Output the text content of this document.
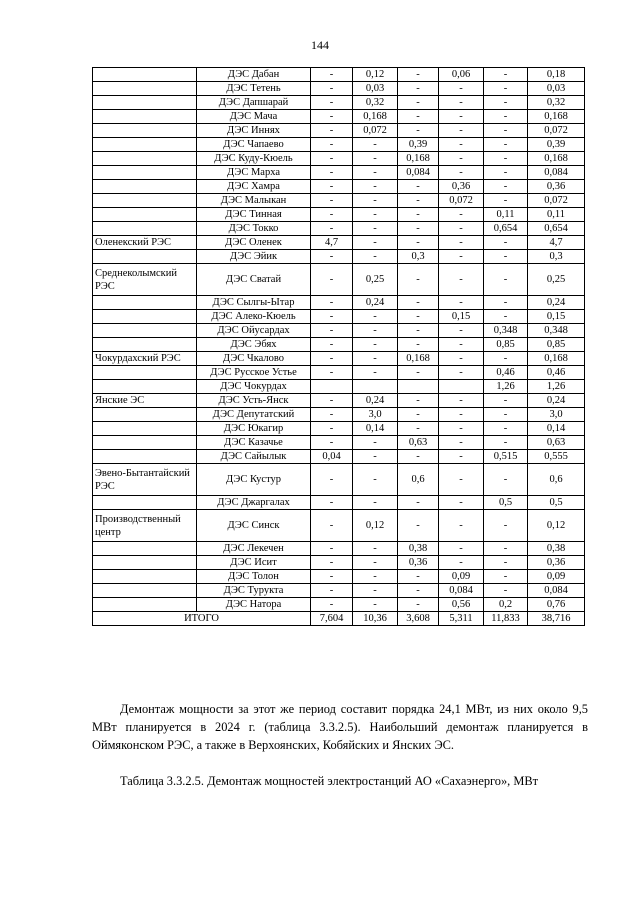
144
	ДЭС Дабан	-	0,12	-	0,06	-	0,18
	ДЭС Тетень	-	0,03	-	-	-	0,03
	ДЭС Дапшарай	-	0,32	-	-	-	0,32
	ДЭС Мача	-	0,168	-	-	-	0,168
	ДЭС Иннях	-	0,072	-	-	-	0,072
	ДЭС Чапаево	-	-	0,39	-	-	0,39
	ДЭС Куду-Кюель	-	-	0,168	-	-	0,168
	ДЭС Марха	-	-	0,084	-	-	0,084
	ДЭС Хамра	-	-	-	0,36	-	0,36
	ДЭС Малыкан	-	-	-	0,072	-	0,072
	ДЭС Тинная	-	-	-	-	0,11	0,11
	ДЭС Токко	-	-	-	-	0,654	0,654
Оленекский РЭС	ДЭС Оленек	4,7	-	-	-	-	4,7
	ДЭС Эйик	-	-	0,3	-	-	0,3
Среднеколымский РЭС	ДЭС Сватай	-	0,25	-	-	-	0,25
	ДЭС Сылгы-Ытар	-	0,24	-	-	-	0,24
	ДЭС Алеко-Кюель	-	-	-	0,15	-	0,15
	ДЭС Ойусардах	-	-	-	-	0,348	0,348
	ДЭС Эбях	-	-	-	-	0,85	0,85
Чокурдахский РЭС	ДЭС Чкалово	-	-	0,168	-	-	0,168
	ДЭС Русское Устье	-	-	-	-	0,46	0,46
	ДЭС Чокурдах					1,26	1,26
Янские ЭС	ДЭС Усть-Янск	-	0,24	-	-	-	0,24
	ДЭС Депутатский	-	3,0	-	-	-	3,0
	ДЭС Юкагир	-	0,14	-	-	-	0,14
	ДЭС Казачье	-	-	0,63	-	-	0,63
	ДЭС Сайылык	0,04	-	-	-	0,515	0,555
Эвено-Бытантайский РЭС	ДЭС Кустур	-	-	0,6	-	-	0,6
	ДЭС Джаргалах	-	-	-	-	0,5	0,5
Производственный центр	ДЭС Синск	-	0,12	-	-	-	0,12
	ДЭС Лекечен	-	-	0,38	-	-	0,38
	ДЭС Исит	-	-	0,36	-	-	0,36
	ДЭС Толон	-	-	-	0,09	-	0,09
	ДЭС Турукта	-	-	-	0,084	-	0,084
	ДЭС Натора	-	-	-	0,56	0,2	0,76
ИТОГО		7,604	10,36	3,608	5,311	11,833	38,716

Демонтаж мощности за этот же период составит порядка 24,1 МВт, из них около 9,5 МВт планируется в 2024 г. (таблица 3.3.2.5). Наибольший демонтаж планируется в Оймяконском РЭС, а также в Верхоянских, Кобяйских и Янских ЭС.

Таблица 3.3.2.5. Демонтаж мощностей электростанций АО «Сахаэнерго», МВт
